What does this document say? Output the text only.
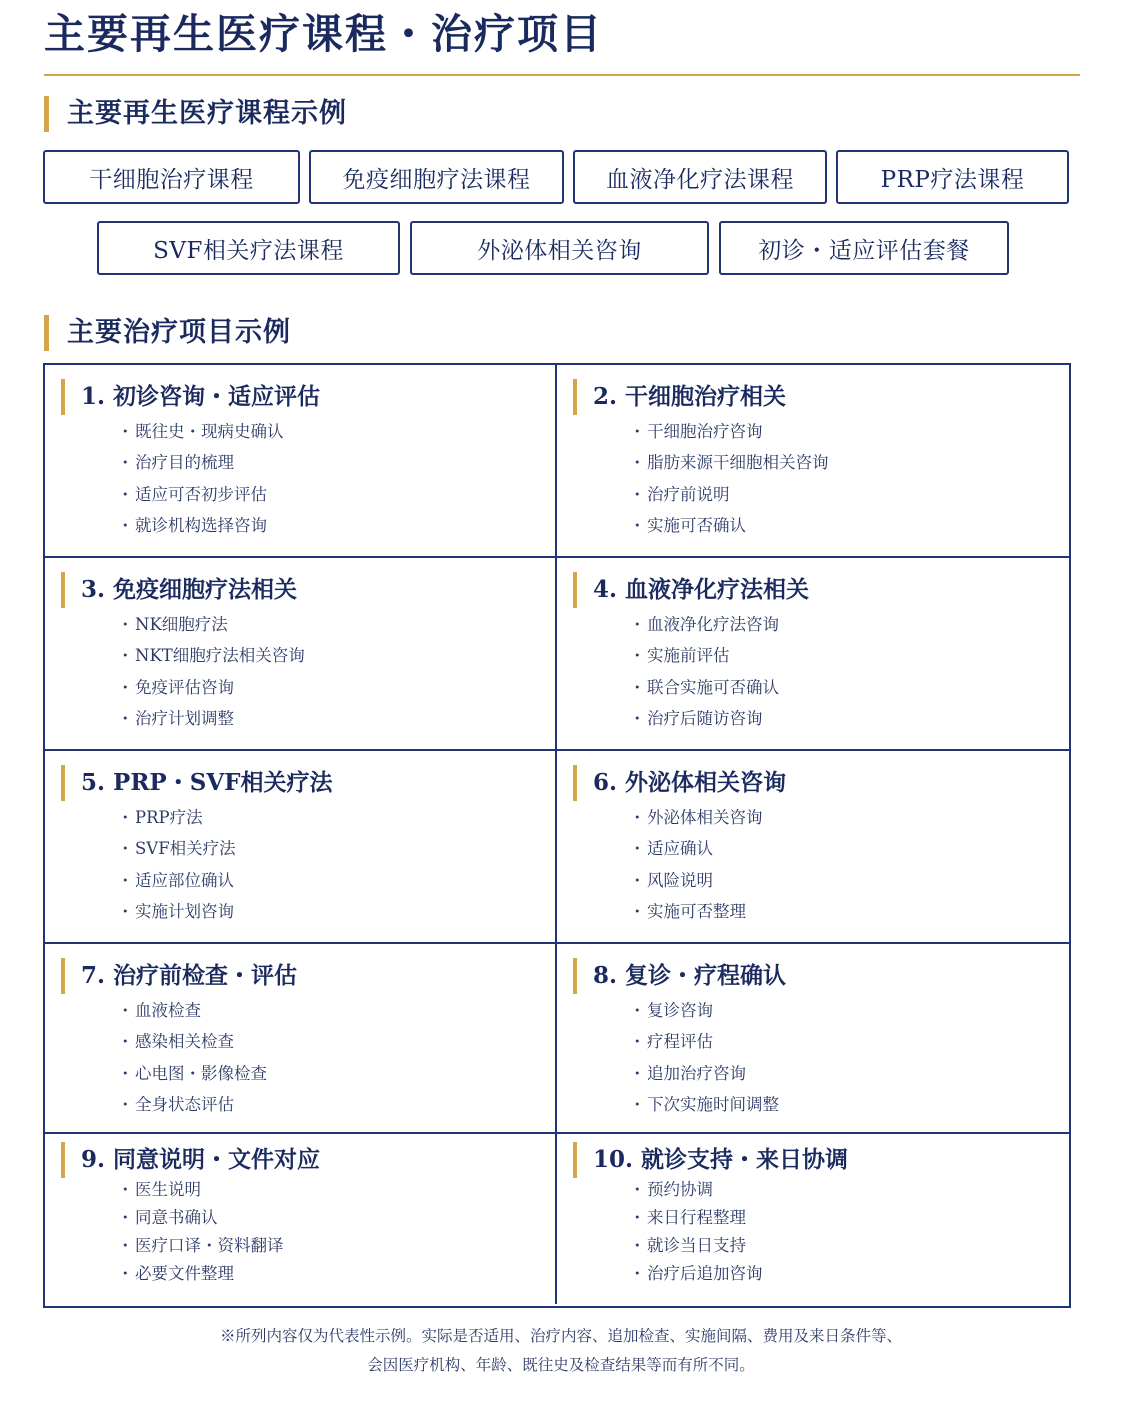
主要再生医疗课程・治疗项目
主要再生医疗课程示例
干细胞治疗课程	免疫细胞疗法课程	血液净化疗法课程	PRP疗法课程
SVF相关疗法课程	外泌体相关咨询	初诊・适应评估套餐
主要治疗项目示例
1. 初诊咨询・适应评估
・既往史・现病史确认
・治疗目的梳理
・适应可否初步评估
・就诊机构选择咨询
2. 干细胞治疗相关
・干细胞治疗咨询
・脂肪来源干细胞相关咨询
・治疗前说明
・实施可否确认
3. 免疫细胞疗法相关
・NK细胞疗法
・NKT细胞疗法相关咨询
・免疫评估咨询
・治疗计划调整
4. 血液净化疗法相关
・血液净化疗法咨询
・实施前评估
・联合实施可否确认
・治疗后随访咨询
5. PRP・SVF相关疗法
・PRP疗法
・SVF相关疗法
・适应部位确认
・实施计划咨询
6. 外泌体相关咨询
・外泌体相关咨询
・适应确认
・风险说明
・实施可否整理
7. 治疗前检查・评估
・血液检查
・感染相关检查
・心电图・影像检查
・全身状态评估
8. 复诊・疗程确认
・复诊咨询
・疗程评估
・追加治疗咨询
・下次实施时间调整
9. 同意说明・文件对应
・医生说明
・同意书确认
・医疗口译・资料翻译
・必要文件整理
10. 就诊支持・来日协调
・预约协调
・来日行程整理
・就诊当日支持
・治疗后追加咨询
※所列内容仅为代表性示例。实际是否适用、治疗内容、追加检查、实施间隔、费用及来日条件等、
会因医疗机构、年龄、既往史及检查结果等而有所不同。
